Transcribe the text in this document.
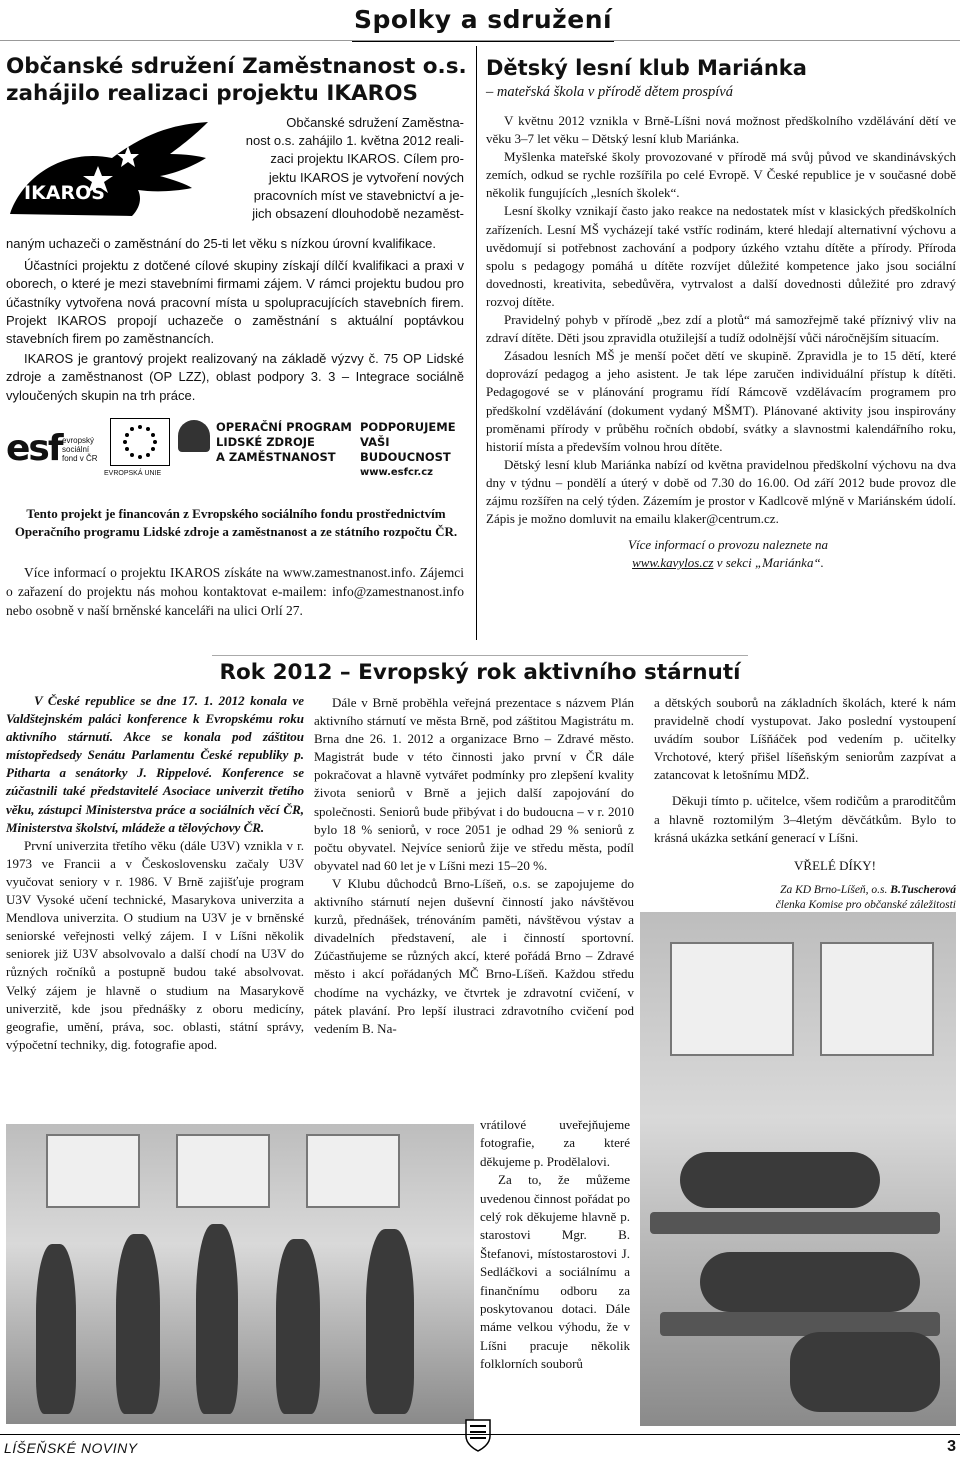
Spolky a sdružení
Občanské sdružení Zaměstnanost o.s.
zahájilo realizaci projektu IKAROS
IKAROS
Občanské sdružení Zaměstna-
nost o.s. zahájilo 1. května 2012 reali-
zaci projektu IKAROS. Cílem pro-
jektu IKAROS je vytvoření nových
pracovních míst ve stavebnictví a je-
jich obsazení dlouhodobě nezaměst-

naným uchazeči o zaměstnání do 25-ti let věku s nízkou úrovní kvalifikace.

Účastníci projektu z dotčené cílové skupiny získají dílčí kvalifikaci a praxi v oborech, o které je mezi stavebními firmami zájem. V rámci projektu budou pro účastníky vytvořena nová pracovní místa u spolupracujících stavebních firem. Projekt IKAROS propojí uchazeče o zaměstnání s aktuální poptávkou stavebních firem po zaměstnancích.

IKAROS je grantový projekt realizovaný na základě výzvy č. 75 OP Lidské zdroje a zaměstnanost (OP LZZ), oblast podpory 3. 3 – Integrace sociálně vyloučených skupin na trh práce.

esf evropský
sociální
fond v ČR
EVROPSKÁ UNIE
OPERAČNÍ PROGRAM
LIDSKÉ ZDROJE
A ZAMĚSTNANOST
PODPORUJEME
VAŠI BUDOUCNOST
www.esfcr.cz
Tento projekt je financován z Evropského sociálního fondu prostřednictvím Operačního programu Lidské zdroje a zaměstnanost a ze státního rozpočtu ČR.
Více informací o projektu IKAROS získáte na www.zamestnanost.info. Zájemci o zařazení do projektu nás mohou kontaktovat e-mailem: info@zamestnanost.info nebo osobně v naší brněnské kanceláři na ulici Orlí 27.
Dětský lesní klub Mariánka
– mateřská škola v přírodě dětem prospívá

V květnu 2012 vznikla v Brně-Líšni nová možnost předškolního vzdělávání dětí ve věku 3–7 let věku – Dětský lesní klub Mariánka.

Myšlenka mateřské školy provozované v přírodě má svůj původ ve skandinávských zemích, odkud se rychle rozšířila po celé Evropě. V České republice je v současné době několik fungujících „lesních školek“.

Lesní školky vznikají často jako reakce na nedostatek míst v klasických předškolních zařízeních. Lesní MŠ vycházejí také vstříc rodinám, které hledají alternativní výchovu a uvědomují si potřebnost zachování a podpory úzkého vztahu dítěte a přírody. Příroda spolu s pedagogy pomáhá u dítěte rozvíjet důležité kompetence jako jsou sociální dovednosti, kreativita, sebedůvěra, vytrvalost a další dovednosti důležité pro zdravý rozvoj dítěte.

Pravidelný pohyb v přírodě „bez zdí a plotů“ má samozřejmě také příznivý vliv na zdraví dítěte. Děti jsou zpravidla otužilejší a tudíž odolnější vůči náročnějším situacím.

Zásadou lesních MŠ je menší počet dětí ve skupině. Zpravidla je to 15 dětí, které doprovází pedagog a jeho asistent. Je tak lépe zaručen individuální přístup k dítěti. Pedagogové se v plánování programu řídí Rámcově vzdělávacím programem pro předškolní vzdělávání (dokument vydaný MŠMT). Plánované aktivity jsou inspirovány proměnami přírody v průběhu ročních období, svátky a slavnostmi kalendářního roku, historií místa a především volnou hrou dítěte.

Dětský lesní klub Mariánka nabízí od května pravidelnou předškolní výchovu na dva dny v týdnu – pondělí a úterý v době od 7.30 do 16.00. Od září 2012 bude provoz dle zájmu rozšířen na celý týden. Zázemím je prostor v Kadlcově mlýně v Mariánském údolí. Zápis je možno domluvit na emailu klaker@centrum.cz.

Více informací o provozu naleznete na
www.kavylos.cz v sekci „Mariánka“.
Rok 2012 – Evropský rok aktivního stárnutí

V České republice se dne 17. 1. 2012 konala ve Valdštejnském paláci konference k Evropskému roku aktivního stárnutí. Akce se konala pod záštitou místopředsedy Senátu Parlamentu České republiky p. Pitharta a senátorky J. Rippelové. Konference se zúčastnili také představitelé Asociace univerzit třetího věku, zástupci Ministerstva práce a sociálních věcí ČR, Ministerstva školství, mládeže a tělovýchovy ČR.

První univerzita třetího věku (dále U3V) vznikla v r. 1973 ve Francii a v Československu začaly U3V vyučovat seniory v r. 1986. V Brně zajišťuje program U3V Vysoké učení technické, Masarykova univerzita a Mendlova univerzita. O studium na U3V je v brněnské seniorské veřejnosti velký zájem. I v Líšni několik seniorek již U3V absolvovalo a další chodí na U3V do různých ročníků a postupně budou také absolvovat. Velký zájem je hlavně o studium na Masarykově univerzitě, kde jsou přednášky z oboru medicíny, geografie, umění, práva, soc. oblasti, státní správy, výpočetní techniky, dig. fotografie apod.

Dále v Brně proběhla veřejná prezentace s názvem Plán aktivního stárnutí ve města Brně, pod záštitou Magistrátu m. Brna dne 26. 1. 2012 a organizace Brno – Zdravé město. Magistrát bude v této činnosti jako první v ČR dále pokračovat a hlavně vytvářet podmínky pro zlepšení kvality života seniorů v Brně a jejich další zapojování do společnosti. Seniorů bude přibývat i do budoucna – v r. 2010 bylo 18 % seniorů, v roce 2051 je odhad 29 % seniorů z počtu obyvatel. Nejvíce seniorů žije ve středu města, podíl obyvatel nad 60 let je v Líšni mezi 15–20 %.

V Klubu důchodců Brno-Líšeň, o.s. se zapojujeme do aktivního stárnutí nejen duševní činností jako návštěvou kurzů, přednášek, trénováním paměti, návštěvou výstav a divadelních představení, ale i činností sportovní. Zúčastňujeme se různých akcí, které pořádá Brno – Zdravé město i akcí pořádaných MČ Brno-Líšeň. Každou středu chodíme na vycházky, ve čtvrtek je zdravotní cvičení, v pátek plavání. Pro lepší ilustraci zdravotního cvičení pod vedením B. Na-

vrátilové uveřejňujeme fotografie, za které děkujeme p. Prodělalovi.

Za to, že můžeme uvedenou činnost pořádat po celý rok děkujeme hlavně p. starostovi Mgr. B. Štefanovi, místostarostovi J. Sedláčkovi a sociálnímu a finančnímu odboru za poskytovanou dotaci. Dále máme velkou výhodu, že v Líšni pracuje několik folklorních souborů

a dětských souborů na základních školách, které k nám pravidelně chodí vystupovat. Jako poslední vystoupení uvádím soubor Líšňáček pod vedením p. učitelky Vrchotové, který přišel líšeňským seniorům zazpívat a zatancovat k letošnímu MDŽ.

Děkuji tímto p. učitelce, všem rodičům a praroditčům a hlavně roztomilým 3–4letým děvčátkům. Bylo to krásná ukázka setkání generací v Líšni.

VŘELÉ DÍKY!

Za KD Brno-Líšeň, o.s. B.Tuscherová
členka Komise pro občanské záležitosti

LÍŠEŇSKÉ NOVINY	3
